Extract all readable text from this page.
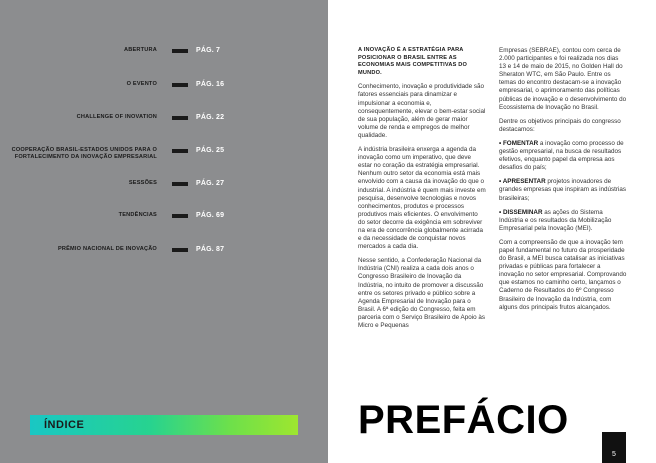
ABERTURA	PÁG. 7
O EVENTO	PÁG. 16
CHALLENGE OF INOVATION	PÁG. 22
COOPERAÇÃO BRASIL-ESTADOS UNIDOS PARA O FORTALECIMENTO DA INOVAÇÃO EMPRESARIAL
PÁG. 25
SESSÕES	PÁG. 27
TENDÊNCIAS	PÁG. 69
PRÊMIO NACIONAL DE INOVAÇÃO	PÁG. 87
ÍNDICE

A INOVAÇÃO É A ESTRATÉGIA PARA POSICIONAR O BRASIL ENTRE AS ECONOMIAS MAIS COMPETITIVAS DO MUNDO.

Conhecimento, inovação e produtividade são fatores essenciais para dinamizar e impulsionar a economia e, consequentemente, elevar o bem-estar social de sua população, além de gerar maior volume de renda e empregos de melhor qualidade.

A indústria brasileira enxerga a agenda da inovação como um imperativo, que deve estar no coração da estratégia empresarial. Nenhum outro setor da economia está mais envolvido com a causa da inovação do que o industrial. A indústria é quem mais investe em pesquisa, desenvolve tecnologias e novos conhecimentos, produtos e processos produtivos mais eficientes. O envolvimento do setor decorre da exigência em sobreviver na era de concorrência globalmente acirrada e da necessidade de conquistar novos mercados a cada dia.

Nesse sentido, a Confederação Nacional da Indústria (CNI) realiza a cada dois anos o Congresso Brasileiro de Inovação da Indústria, no intuito de promover a discussão entre os setores privado e público sobre a Agenda Empresarial de Inovação para o Brasil. A 6ª edição do Congresso, feita em parceria com o Serviço Brasileiro de Apoio às Micro e Pequenas

Empresas (SEBRAE), contou com cerca de 2.000 participantes e foi realizada nos dias 13 e 14 de maio de 2015, no Golden Hall do Sheraton WTC, em São Paulo. Entre os temas do encontro destacam-se a inovação empresarial, o aprimoramento das políticas públicas de inovação e o desenvolvimento do Ecossistema de Inovação no Brasil.

Dentre os objetivos principais do congresso destacamos:

• FOMENTAR a inovação como processo de gestão empresarial, na busca de resultados efetivos, enquanto papel da empresa aos desafios do país;

• APRESENTAR projetos inovadores de grandes empresas que inspiram as indústrias brasileiras;

• DISSEMINAR as ações do Sistema Indústria e os resultados da Mobilização Empresarial pela Inovação (MEI).

Com a compreensão de que a inovação tem papel fundamental no futuro da prosperidade do Brasil, a MEI busca catalisar as iniciativas privadas e públicas para fortalecer a inovação no setor empresarial. Comprovando que estamos no caminho certo, lançamos o Caderno de Resultados do 6º Congresso Brasileiro de Inovação da Indústria, com alguns dos principais frutos alcançados.

PREFÁCIO
5
